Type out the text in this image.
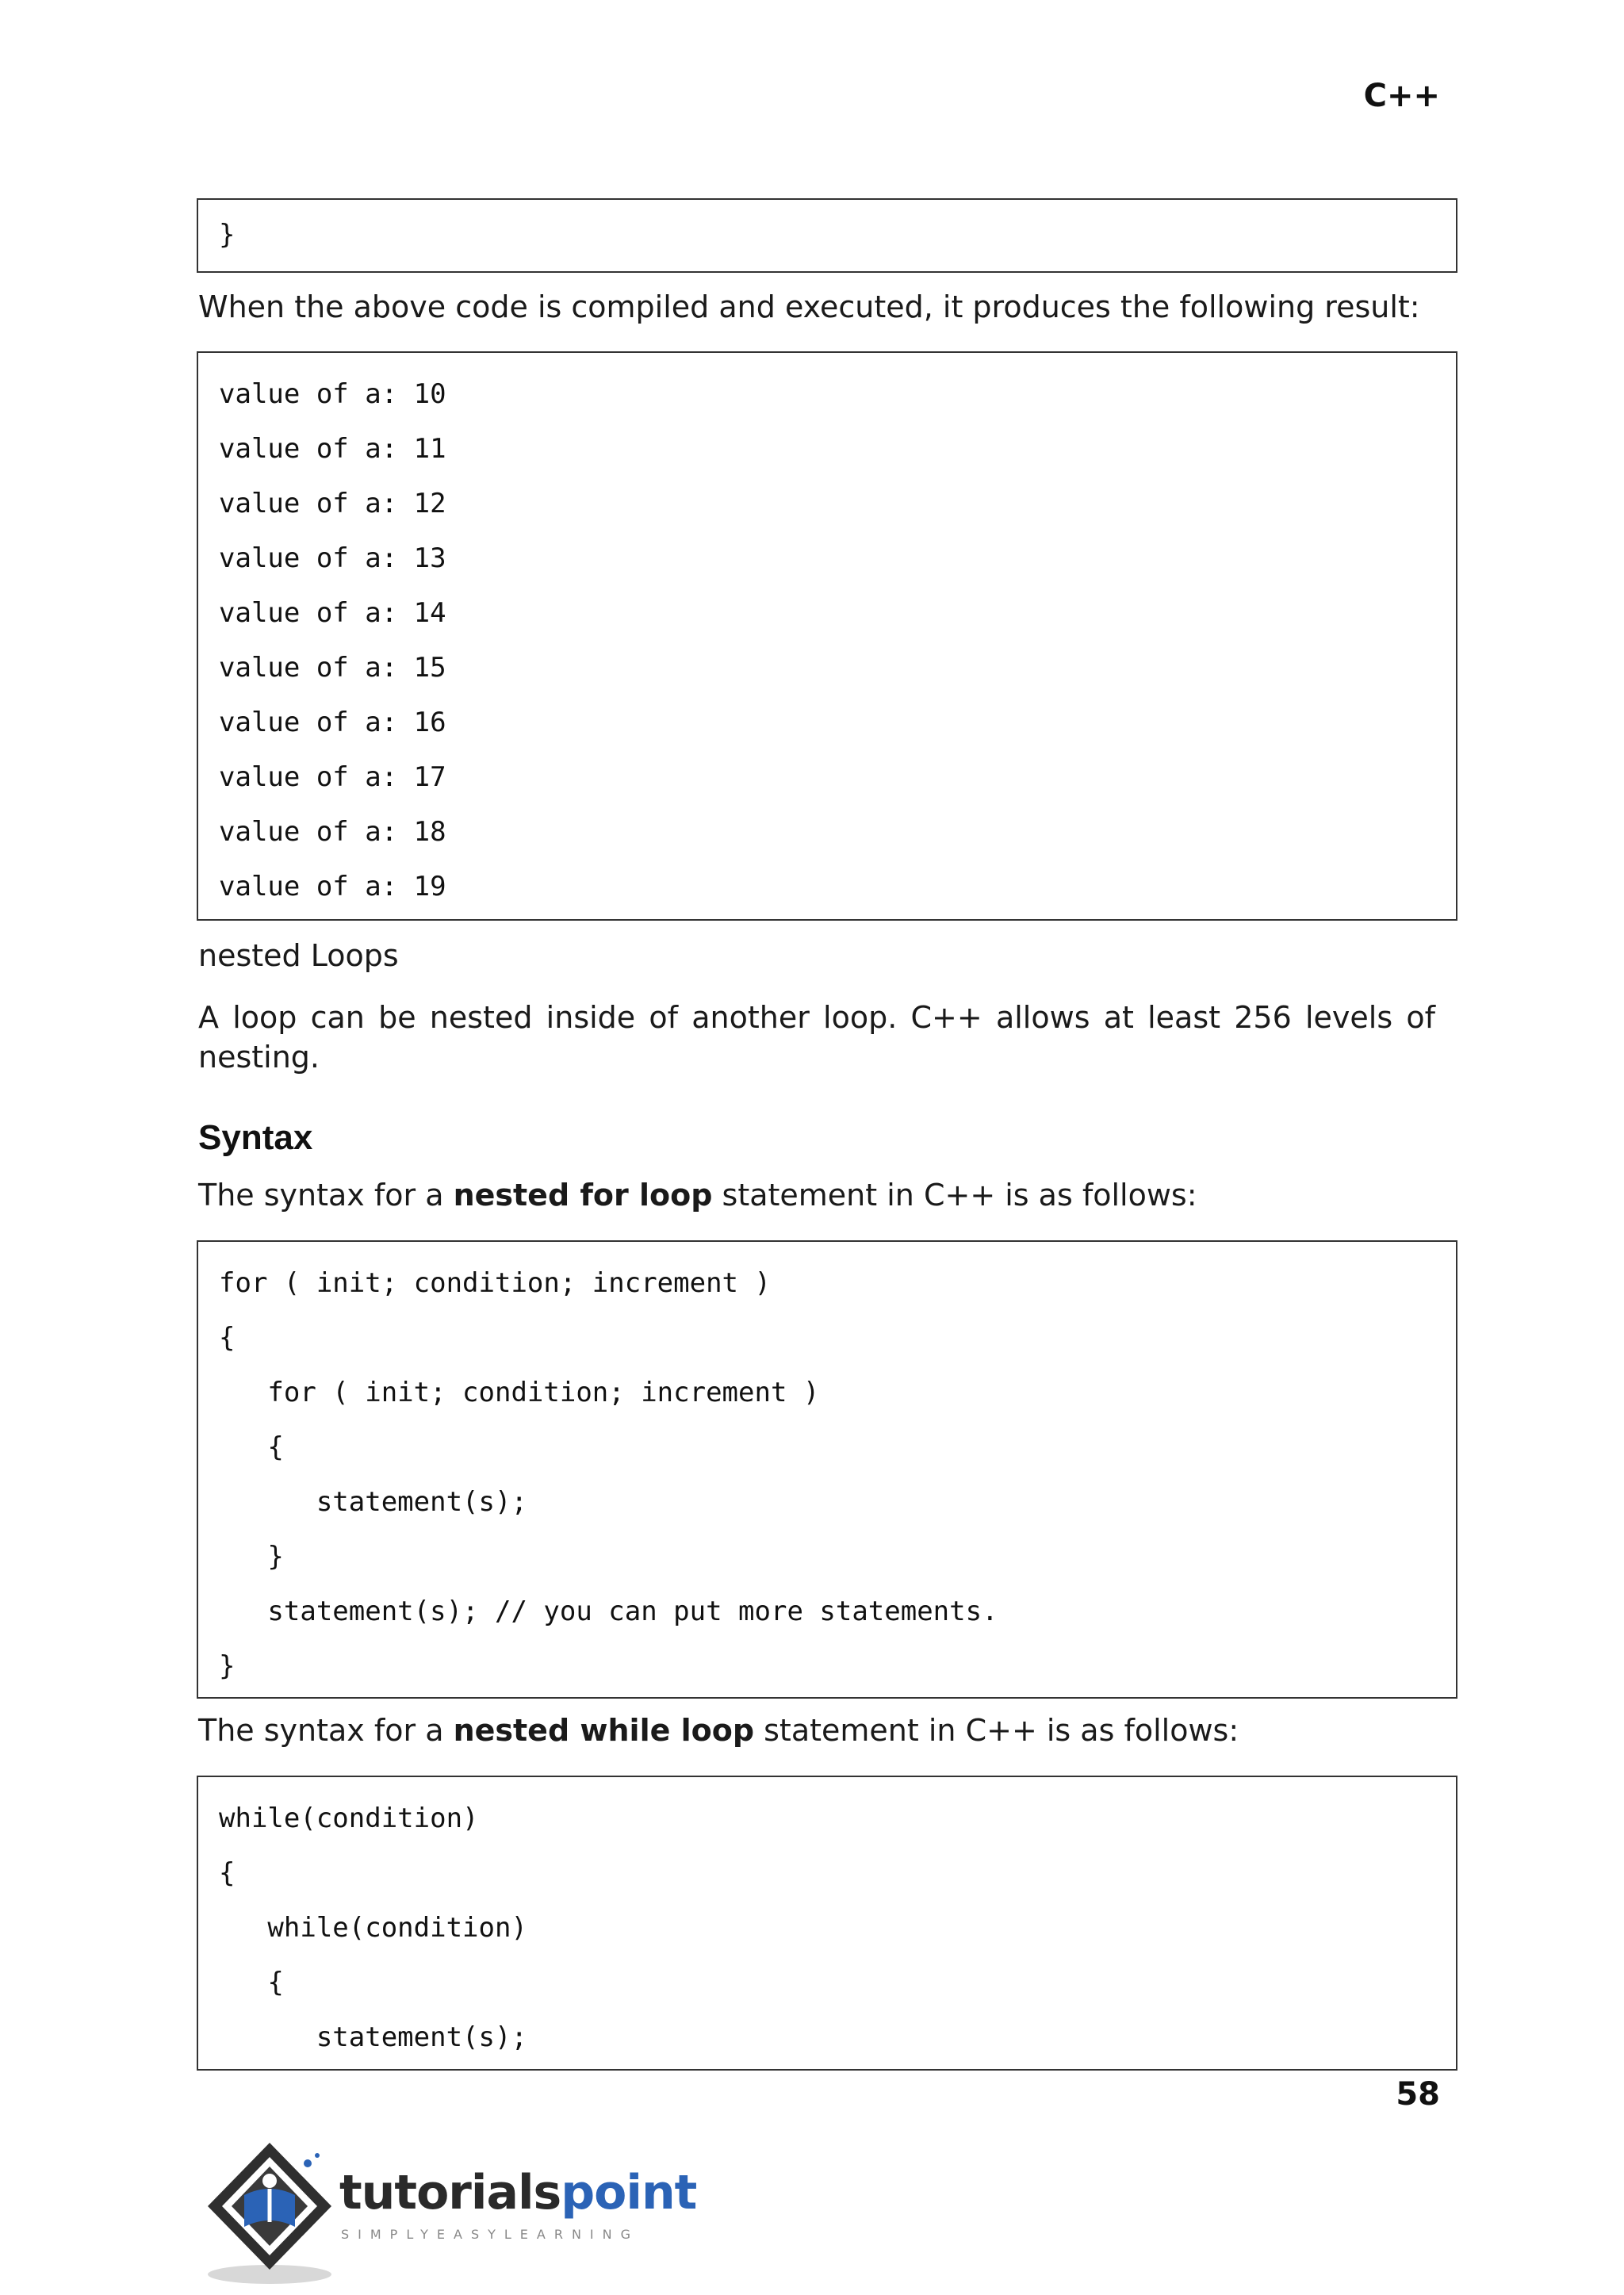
C++
}
When the above code is compiled and executed, it produces the following result:
value of a: 10
value of a: 11
value of a: 12
value of a: 13
value of a: 14
value of a: 15
value of a: 16
value of a: 17
value of a: 18
value of a: 19
nested Loops
A loop can be nested inside of another loop. C++ allows at least 256 levels of nesting.
Syntax
The syntax for a nested for loop statement in C++ is as follows:
for ( init; condition; increment )
{
for ( init; condition; increment )
{
statement(s);
}
statement(s); // you can put more statements.
}
The syntax for a nested while loop statement in C++ is as follows:
while(condition)
{
while(condition)
{
statement(s);
58
tutorialspoint
SIMPLYEASYLEARNING
